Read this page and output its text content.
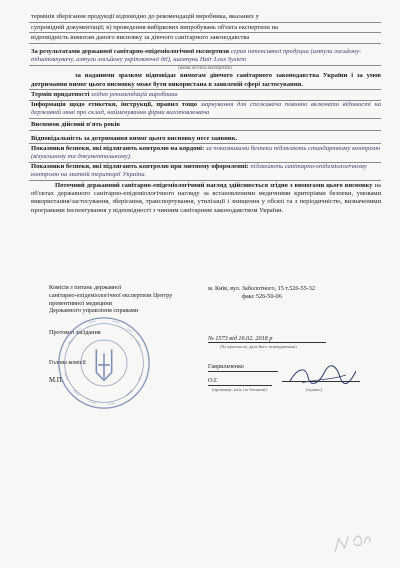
термінів зберігання продукції відповідно до рекомендацій виробника, вказаних у
супровідній документації; в) проведення вибіркових випробувань об'єкта експертизи на
відповідність вимогам даного висновку за діючого санітарного законодавства
За результатами державної санітарно-епідеміологічної експертизи серия інтенсивної продуции (ампули лосьйону-підштовхувачу, ампули лосьйону укріплюючої дії), шампунь Hair Loss System
(назва об'єкта експертизи)
за наданими зразком відповідає вимогам діючого санітарного законодавства України і за умов дотримання вимог цього висновку може бути використана в заявленій сфері застосування.
Термін придатності згідно рекомендацій виробника
Інформація щодо етикетки, інструкції, правил тощо маркування для споживача повинно включати відомості на державній мові про склад, найменування фірми виготовлювача
Висновок дійсний п'ять років
Відповідальність за дотримання вимог цього висновку несе заявник.
Показники безпеки, які підлягають контролю на кордоні: за показниками безпеки підлягають стандартному контролю (візуальному та документальному).
Показники безпеки, які підлягають контролю при митному оформленні: підлягають санітарно-епідеміологічному контролю на митній території України.
Поточний державний санітарно-епідеміологічний нагляд здійснюється згідно з вимогами цього висновку на об'єктах державного санітарно-епідеміологічного нагляду за встановленими медичними критеріями безпеки, умовами використання/застосування, зберігання, транспортування, утилізації і знищення у обсязі та з періодичністю, визначеними програмами інспектування у відповідності з чинним санітарним законодавством України.
Комісія з питань державної
санітарно-епідеміологічної експертизи Центру
превентивної медицини
Державного управління справами
Протокол засідання
Голова комісії
М.П.
м. Київ, вул. Заболотного, 15 т.526-55-32
факс 526-50-06
№ 1573 від 16.02. 2018 р
(№ протоколу, дата його затвердження)
Гаврильченко
О.Г.
(прізвище, ім'я, по батькові)	(підпис)
